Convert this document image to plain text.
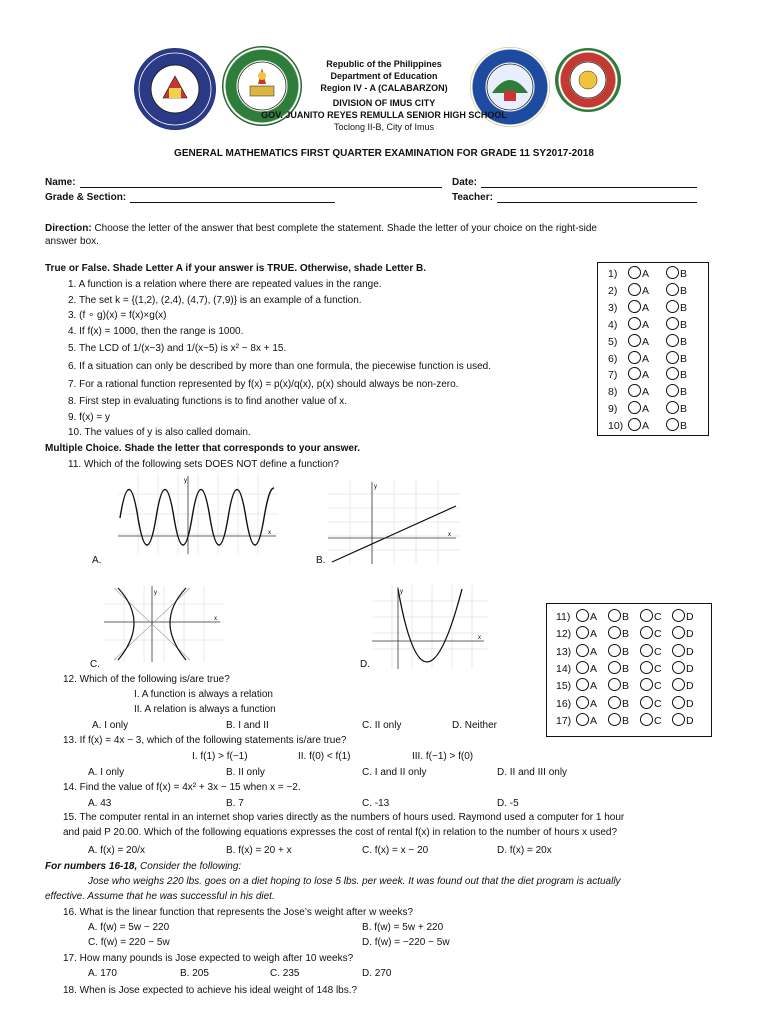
Republic of the Philippines
Department of Education
Region IV - A (CALABARZON)
DIVISION OF IMUS CITY
GOV. JUANITO REYES REMULLA SENIOR HIGH SCHOOL
Toclong II-B, City of Imus
GENERAL MATHEMATICS FIRST QUARTER EXAMINATION FOR GRADE 11 SY2017-2018
Name:	Date:
Grade & Section:	Teacher:
Direction: Choose the letter of the answer that best complete the statement. Shade the letter of your choice on the right-side
answer box.
True or False. Shade Letter A if your answer is TRUE. Otherwise, shade Letter B.
1. A function is a relation where there are repeated values in the range.
2. The set k = {(1,2), (2,4), (4,7), (7,9)} is an example of a function.
3. (f ∘ g)(x) = f(x)×g(x)
4. If f(x) = 1000, then the range is 1000.
5. The LCD of 1/(x−3) and 1/(x−5) is x² − 8x + 15.
6. If a situation can only be described by more than one formula, the piecewise function is used.
7. For a rational function represented by f(x) = p(x)/q(x), p(x) should always be non-zero.
8. First step in evaluating functions is to find another value of x.
9. f(x) = y
10. The values of y is also called domain.
1) A	B
2) A	B
3) A	B
4) A	B
5) A	B
6) A	B
7) A	B
8) A	B
9) A	B
10) A	B
Multiple Choice. Shade the letter that corresponds to your answer.
11. Which of the following sets DOES NOT define a function?
y
x
A.
y
x
B.
y
x
C.
y
x
D.
11) A B C D
12) A B C D
13) A B C D
14) A B C D
15) A B C D
16) A B C D
17) A B C D
12. Which of the following is/are true?
I. A function is always a relation
II. A relation is always a function
A. I only	B. I and II	C. II only	D. Neither
13. If f(x) = 4x − 3, which of the following statements is/are true?
I. f(1) > f(−1)	II. f(0) < f(1)	III. f(−1) > f(0)
A. I only	B. II only	C. I and II only	D. II and III only
14. Find the value of f(x) = 4x² + 3x − 15 when x = −2.
A. 43	B. 7	C. -13	D. -5
15. The computer rental in an internet shop varies directly as the numbers of hours used. Raymond used a computer for 1 hour
and paid P 20.00. Which of the following equations expresses the cost of rental f(x) in relation to the number of hours x used?
A. f(x) = 20/x	B. f(x) = 20 + x	C. f(x) = x − 20	D. f(x) = 20x
For numbers 16-18, Consider the following:
Jose who weighs 220 lbs. goes on a diet hoping to lose 5 lbs. per week. It was found out that the diet program is actually
effective. Assume that he was successful in his diet.
16. What is the linear function that represents the Jose’s weight after w weeks?
A. f(w) = 5w − 220	B. f(w) = 5w + 220
C. f(w) = 220 − 5w	D. f(w) = −220 − 5w
17. How many pounds is Jose expected to weigh after 10 weeks?
A. 170	B. 205	C. 235	D. 270
18. When is Jose expected to achieve his ideal weight of 148 lbs.?
